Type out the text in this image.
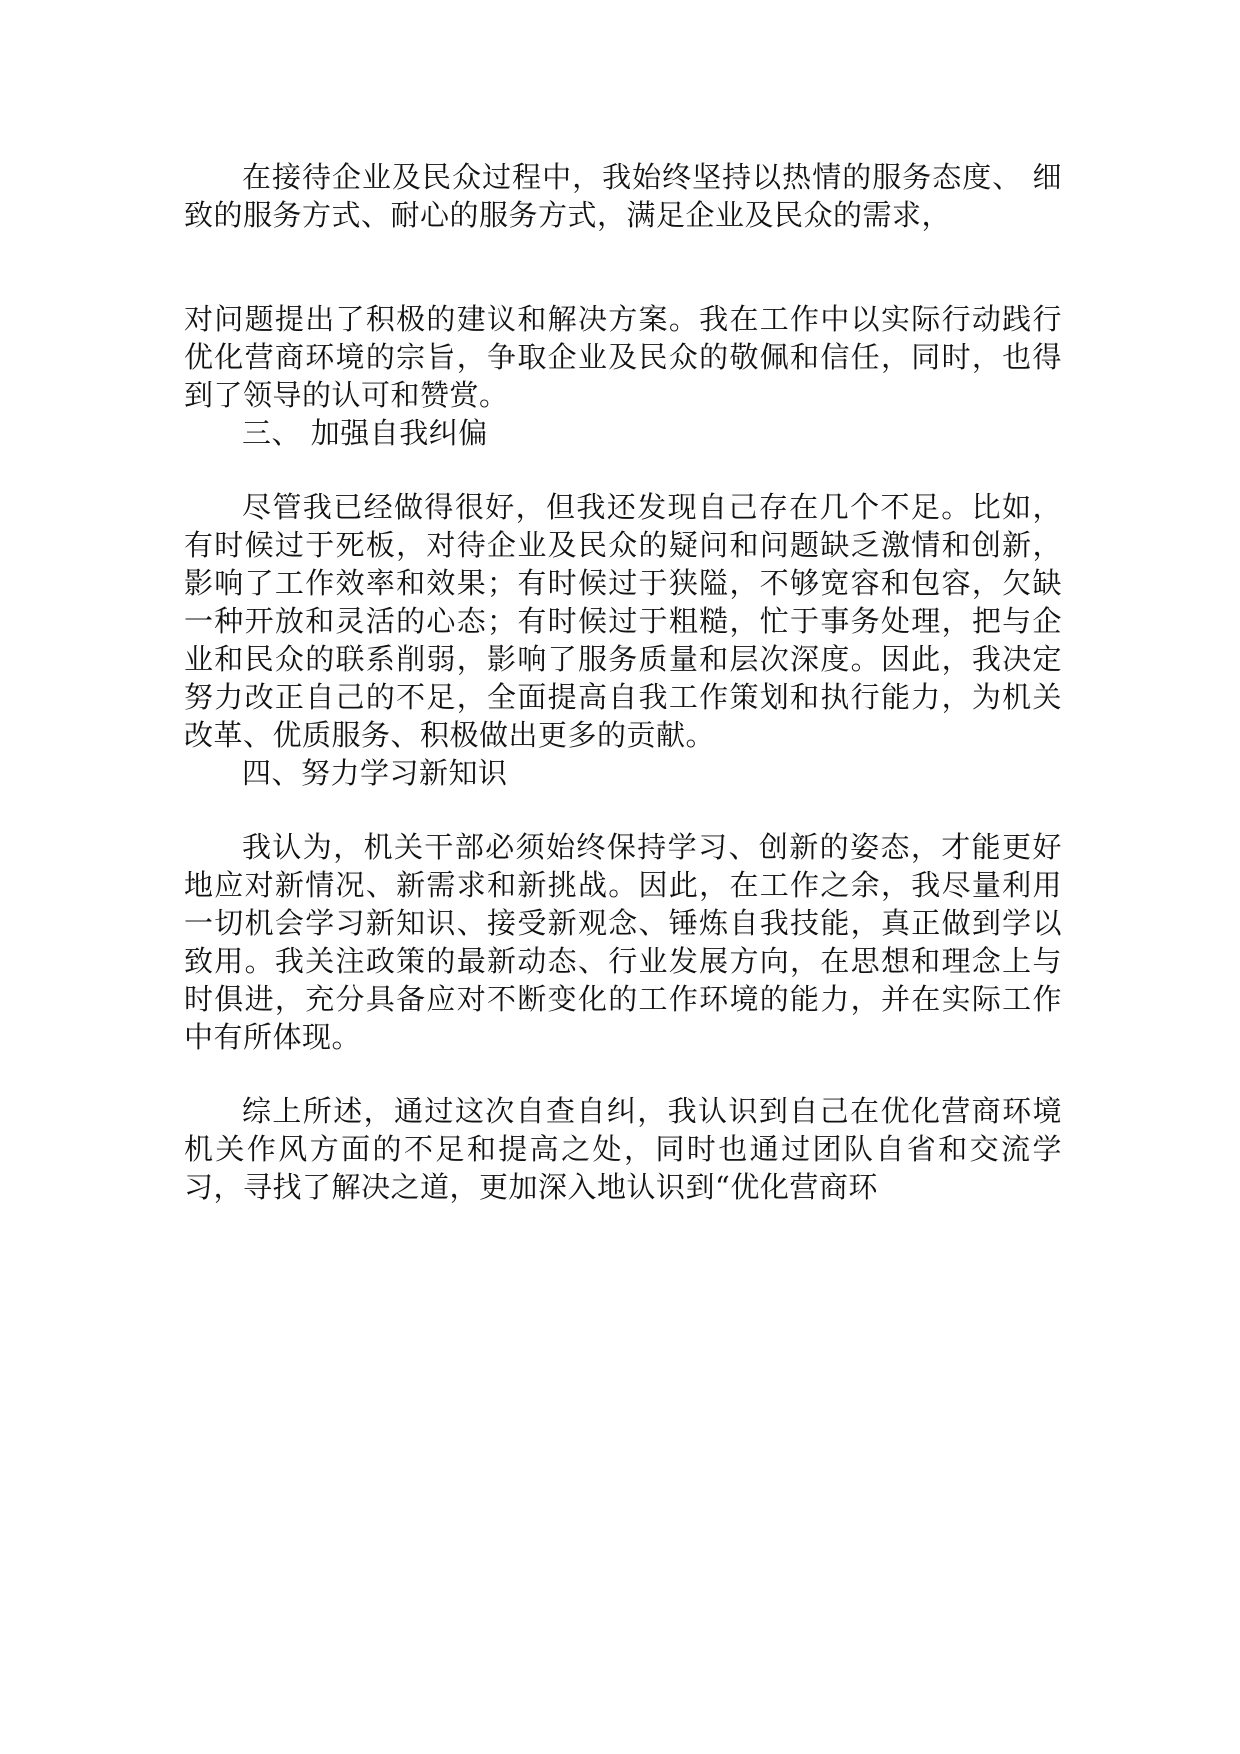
在接待企业及民众过程中，我始终坚持以热情的服务态度、 细致的服务方式、耐心的服务方式，满足企业及民众的需求，

对问题提出了积极的建议和解决方案。我在工作中以实际行动践行优化营商环境的宗旨，争取企业及民众的敬佩和信任，同时，也得到了领导的认可和赞赏。

三、 加强自我纠偏

尽管我已经做得很好，但我还发现自己存在几个不足。比如，有时候过于死板，对待企业及民众的疑问和问题缺乏激情和创新，影响了工作效率和效果；有时候过于狭隘，不够宽容和包容，欠缺一种开放和灵活的心态；有时候过于粗糙，忙于事务处理，把与企业和民众的联系削弱，影响了服务质量和层次深度。因此，我决定努力改正自己的不足，全面提高自我工作策划和执行能力，为机关改革、优质服务、积极做出更多的贡献。

四、努力学习新知识

我认为，机关干部必须始终保持学习、创新的姿态，才能更好地应对新情况、新需求和新挑战。因此，在工作之余，我尽量利用一切机会学习新知识、接受新观念、锤炼自我技能，真正做到学以致用。我关注政策的最新动态、行业发展方向，在思想和理念上与时俱进，充分具备应对不断变化的工作环境的能力，并在实际工作中有所体现。

综上所述，通过这次自查自纠，我认识到自己在优化营商环境机关作风方面的不足和提高之处，同时也通过团队自省和交流学习，寻找了解决之道，更加深入地认识到“优化营商环
